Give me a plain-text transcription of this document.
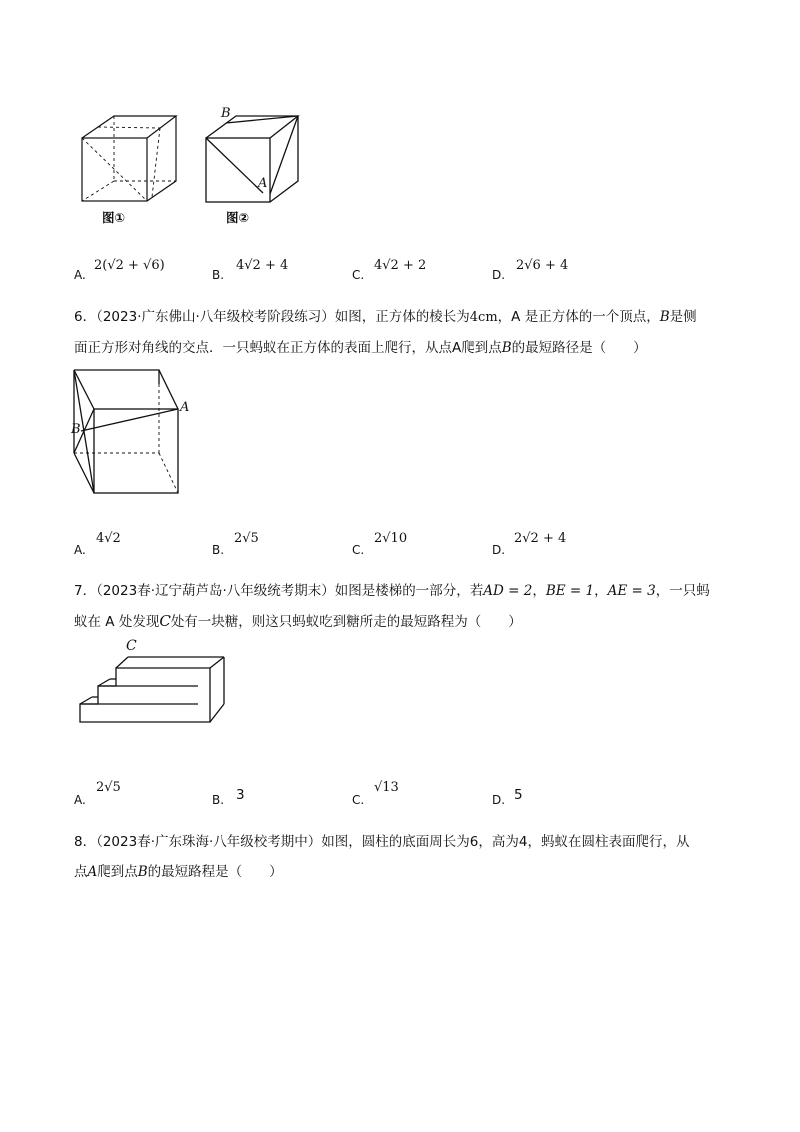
图①
B
A
图②
A.
2(√2 + √6)
B.
4√2 + 4
C.
4√2 + 2
D.
2√6 + 4
6．（2023·广东佛山·八年级校考阶段练习）如图，正方体的棱长为4cm，A 是正方体的一个顶点，B是侧
面正方形对角线的交点．一只蚂蚁在正方体的表面上爬行，从点A爬到点B的最短路径是（　　）
A
B
A.
4√2
B.
2√5
C.
2√10
D.
2√2 + 4
7．（2023春·辽宁葫芦岛·八年级统考期末）如图是楼梯的一部分，若AD = 2，BE = 1，AE = 3，一只蚂
蚁在 A 处发现C处有一块糖，则这只蚂蚁吃到糖所走的最短路程为（　　）
C
A.
2√5
B. 3	C.
√13
D. 5
8．（2023春·广东珠海·八年级校考期中）如图，圆柱的底面周长为6，高为4，蚂蚁在圆柱表面爬行，从
点A爬到点B的最短路程是（　　）
